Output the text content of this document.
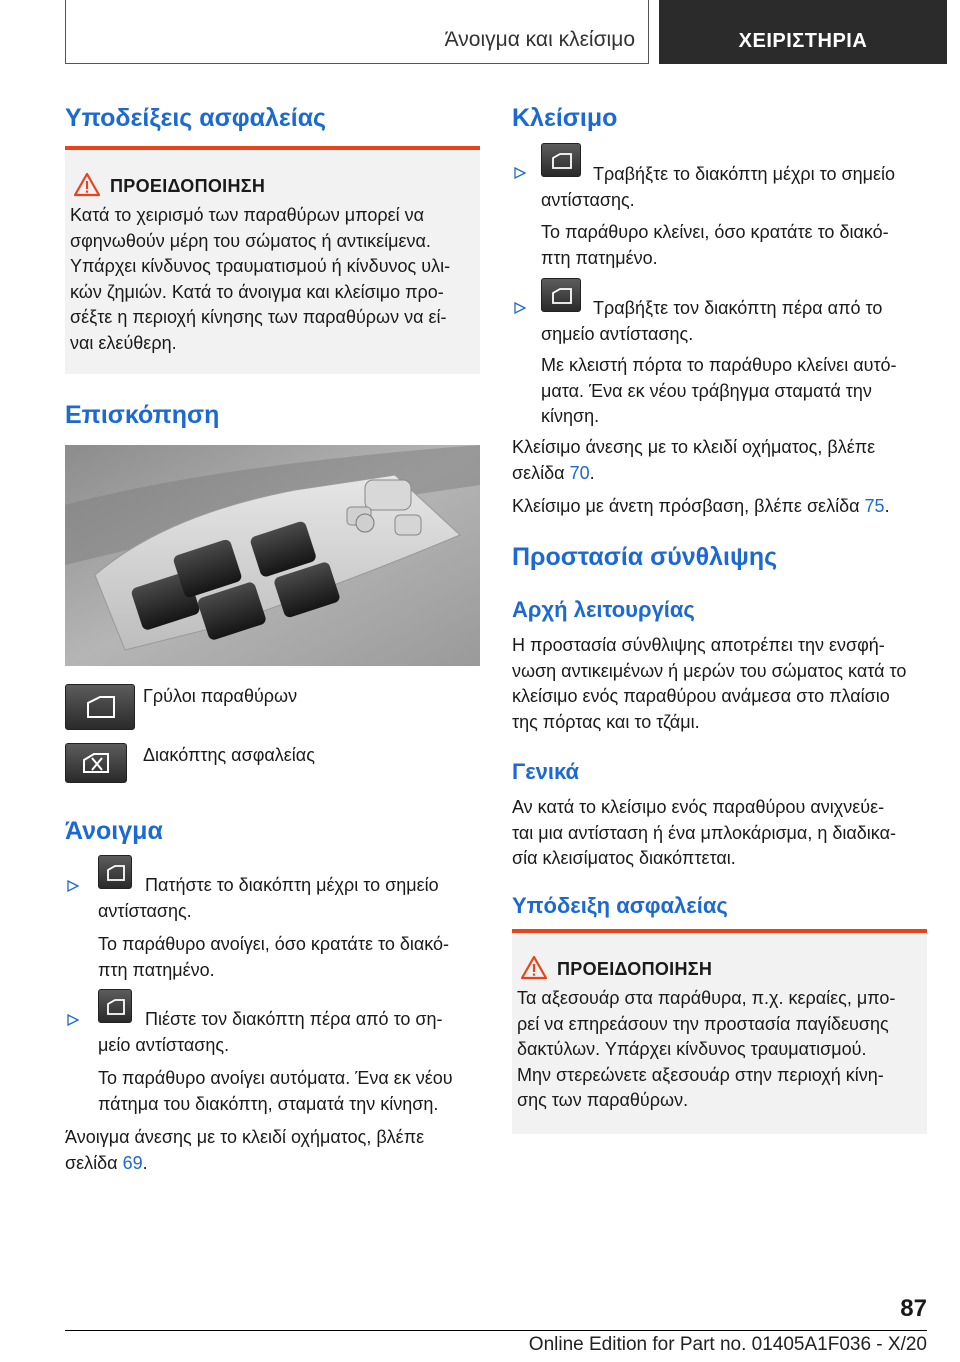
Άνοιγμα και κλείσιμο	ΧΕΙΡΙΣΤΗΡΙΑ
Υποδείξεις ασφαλείας
ΠΡΟΕΙΔΟΠΟΙΗΣΗ
Κατά το χειρισμό των παραθύρων μπορεί να
σφηνωθούν μέρη του σώματος ή αντικείμενα.
Υπάρχει κίνδυνος τραυματισμού ή κίνδυνος υλι-
κών ζημιών. Κατά το άνοιγμα και κλείσιμο προ-
σέξτε η περιοχή κίνησης των παραθύρων να εί-
ναι ελεύθερη.
Επισκόπηση
Γρύλοι παραθύρων
Διακόπτης ασφαλείας
Άνοιγμα
Πατήστε το διακόπτη μέχρι το σημείο
αντίστασης.
Το παράθυρο ανοίγει, όσο κρατάτε το διακό-
πτη πατημένο.
Πιέστε τον διακόπτη πέρα από το ση-
μείο αντίστασης.
Το παράθυρο ανοίγει αυτόματα. Ένα εκ νέου
πάτημα του διακόπτη, σταματά την κίνηση.
Άνοιγμα άνεσης με το κλειδί οχήματος, βλέπε
σελίδα 69.
Κλείσιμο
Τραβήξτε το διακόπτη μέχρι το σημείο
αντίστασης.
Το παράθυρο κλείνει, όσο κρατάτε το διακό-
πτη πατημένο.
Τραβήξτε τον διακόπτη πέρα από το
σημείο αντίστασης.
Με κλειστή πόρτα το παράθυρο κλείνει αυτό-
ματα. Ένα εκ νέου τράβηγμα σταματά την
κίνηση.
Κλείσιμο άνεσης με το κλειδί οχήματος, βλέπε
σελίδα 70.
Κλείσιμο με άνετη πρόσβαση, βλέπε σελίδα 75.
Προστασία σύνθλιψης
Αρχή λειτουργίας
Η προστασία σύνθλιψης αποτρέπει την ενσφή-
νωση αντικειμένων ή μερών του σώματος κατά το
κλείσιμο ενός παραθύρου ανάμεσα στο πλαίσιο
της πόρτας και το τζάμι.
Γενικά
Αν κατά το κλείσιμο ενός παραθύρου ανιχνεύε-
ται μια αντίσταση ή ένα μπλοκάρισμα, η διαδικα-
σία κλεισίματος διακόπτεται.
Υπόδειξη ασφαλείας
ΠΡΟΕΙΔΟΠΟΙΗΣΗ
Τα αξεσουάρ στα παράθυρα, π.χ. κεραίες, μπο-
ρεί να επηρεάσουν την προστασία παγίδευσης
δακτύλων. Υπάρχει κίνδυνος τραυματισμού.
Μην στερεώνετε αξεσουάρ στην περιοχή κίνη-
σης των παραθύρων.
87
Online Edition for Part no. 01405A1F036 - X/20
